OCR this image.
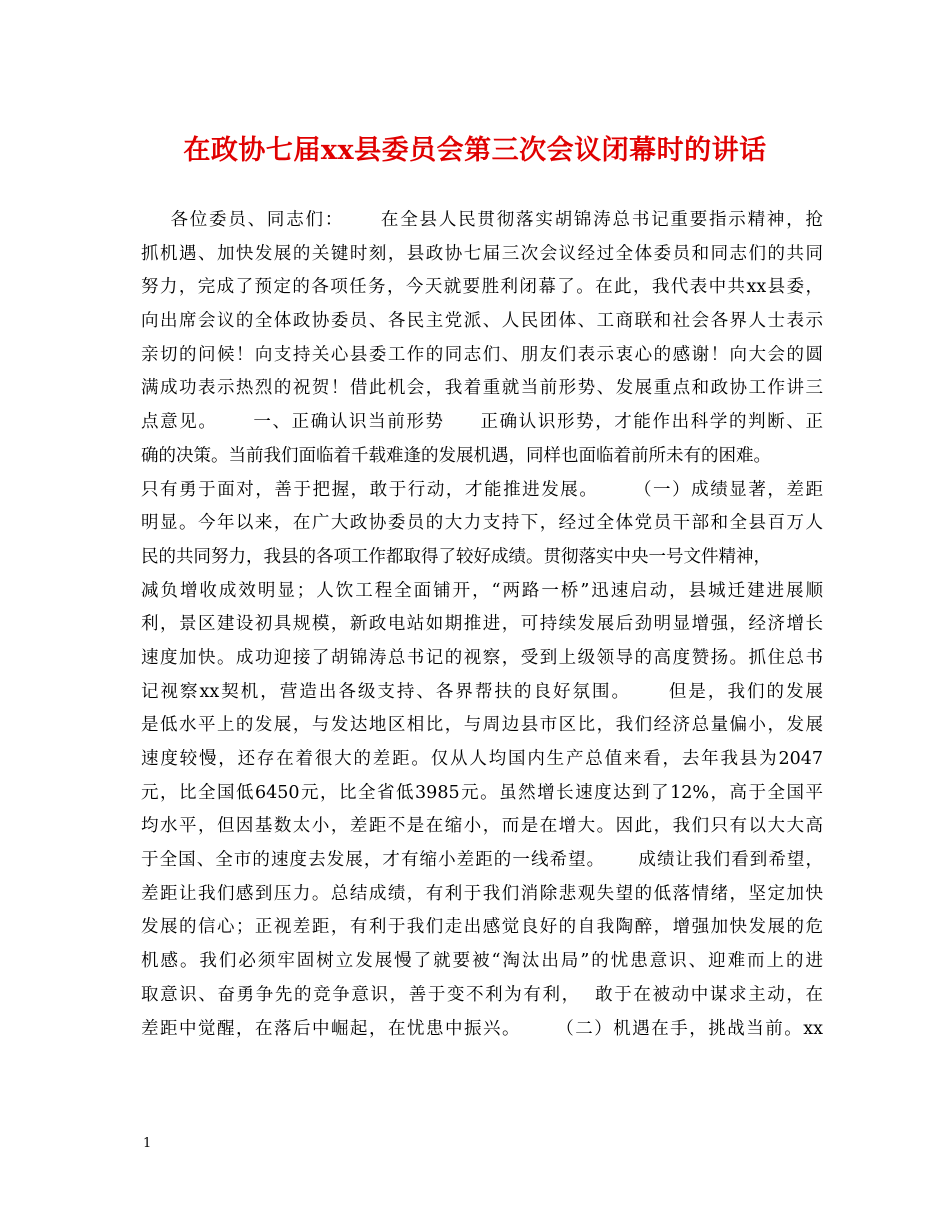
在政协七届xx县委员会第三次会议闭幕时的讲话
各位委员、同志们：     在全县人民贯彻落实胡锦涛总书记重要指示精神，抢
抓机遇、加快发展的关键时刻，县政协七届三次会议经过全体委员和同志们的共同
努力，完成了预定的各项任务，今天就要胜利闭幕了。在此，我代表中共xx县委，
向出席会议的全体政协委员、各民主党派、人民团体、工商联和社会各界人士表示
亲切的问候！向支持关心县委工作的同志们、朋友们表示衷心的感谢！向大会的圆
满成功表示热烈的祝贺！借此机会，我着重就当前形势、发展重点和政协工作讲三
点意见。     一、正确认识当前形势     正确认识形势，才能作出科学的判断、正
确的决策。当前我们面临着千载难逢的发展机遇，同样也面临着前所未有的困难。
只有勇于面对，善于把握，敢于行动，才能推进发展。     （一）成绩显著，差距
明显。今年以来，在广大政协委员的大力支持下，经过全体党员干部和全县百万人
民的共同努力，我县的各项工作都取得了较好成绩。贯彻落实中央一号文件精神，
减负增收成效明显；人饮工程全面铺开，“两路一桥”迅速启动，县城迁建进展顺
利，景区建设初具规模，新政电站如期推进，可持续发展后劲明显增强，经济增长
速度加快。成功迎接了胡锦涛总书记的视察，受到上级领导的高度赞扬。抓住总书
记视察xx契机，营造出各级支持、各界帮扶的良好氛围。     但是，我们的发展
是低水平上的发展，与发达地区相比，与周边县市区比，我们经济总量偏小，发展
速度较慢，还存在着很大的差距。仅从人均国内生产总值来看，去年我县为2047
元，比全国低6450元，比全省低3985元。虽然增长速度达到了12%，高于全国平
均水平，但因基数太小，差距不是在缩小，而是在增大。因此，我们只有以大大高
于全国、全市的速度去发展，才有缩小差距的一线希望。     成绩让我们看到希望，
差距让我们感到压力。总结成绩，有利于我们消除悲观失望的低落情绪，坚定加快
发展的信心；正视差距，有利于我们走出感觉良好的自我陶醉，增强加快发展的危
机感。我们必须牢固树立发展慢了就要被“淘汰出局”的忧患意识、迎难而上的进
取意识、奋勇争先的竞争意识，善于变不利为有利，  敢于在被动中谋求主动，在
差距中觉醒，在落后中崛起，在忧患中振兴。     （二）机遇在手，挑战当前。xx
1
